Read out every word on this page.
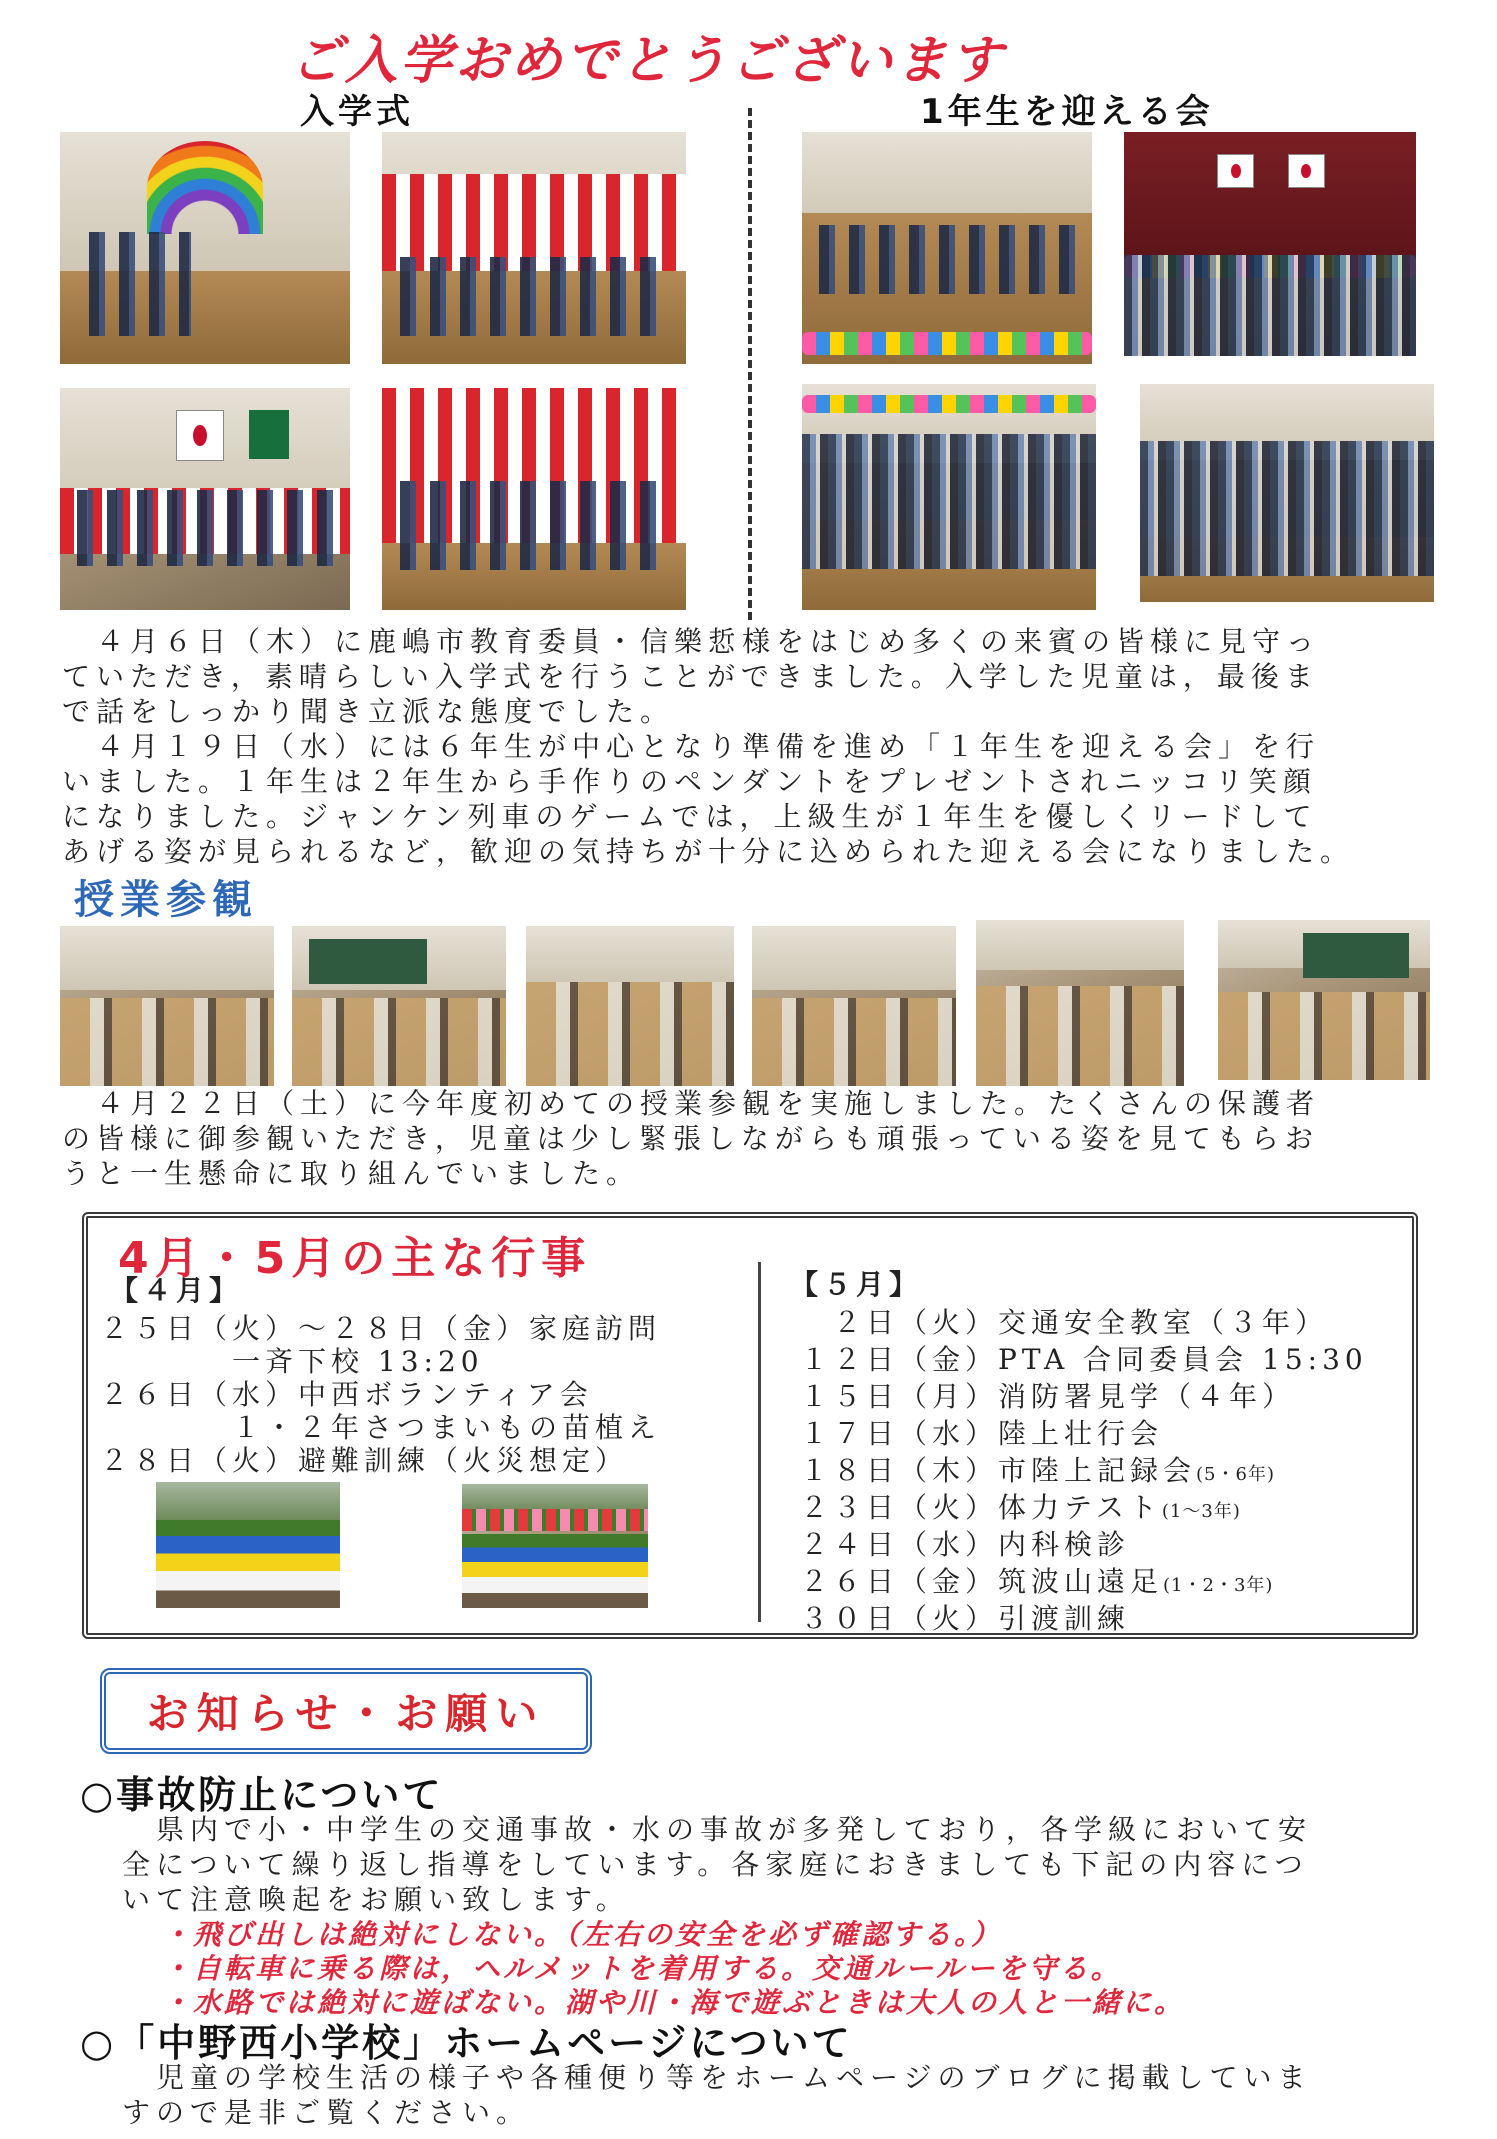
ご入学おめでとうございます
入学式	1年生を迎える会
　４月６日（木）に鹿嶋市教育委員・信樂悊様をはじめ多くの来賓の皆様に見守っ
ていただき，素晴らしい入学式を行うことができました。入学した児童は，最後ま
で話をしっかり聞き立派な態度でした。
　４月１９日（水）には６年生が中心となり準備を進め「１年生を迎える会」を行
いました。１年生は２年生から手作りのペンダントをプレゼントされニッコリ笑顔
になりました。ジャンケン列車のゲームでは，上級生が１年生を優しくリードして
あげる姿が見られるなど，歓迎の気持ちが十分に込められた迎える会になりました。
授業参観
　４月２２日（土）に今年度初めての授業参観を実施しました。たくさんの保護者
の皆様に御参観いただき，児童は少し緊張しながらも頑張っている姿を見てもらお
うと一生懸命に取り組んでいました。
4月・5月の主な行事
【４月】
２５日（火）～２８日（金）家庭訪問
　　　　一斉下校 13:20
２６日（水）中西ボランティア会
　　　　１・２年さつまいもの苗植え
２８日（火）避難訓練（火災想定）
【５月】
　２日（火）交通安全教室（３年）
１２日（金）PTA 合同委員会 15:30
１５日（月）消防署見学（４年）
１７日（水）陸上壮行会
１８日（木）市陸上記録会(5・6年)
２３日（火）体力テスト(1～3年)
２４日（水）内科検診
２６日（金）筑波山遠足(1・2・3年)
３０日（火）引渡訓練
お知らせ・お願い
○事故防止について
　県内で小・中学生の交通事故・水の事故が多発しており，各学級において安
全について繰り返し指導をしています。各家庭におきましても下記の内容につ
いて注意喚起をお願い致します。
・飛び出しは絶対にしない。（左右の安全を必ず確認する。）
・自転車に乗る際は，ヘルメットを着用する。交通ルールーを守る。
・水路では絶対に遊ばない。湖や川・海で遊ぶときは大人の人と一緒に。
○「中野西小学校」ホームページについて
　児童の学校生活の様子や各種便り等をホームページのブログに掲載していま
すので是非ご覧ください。
